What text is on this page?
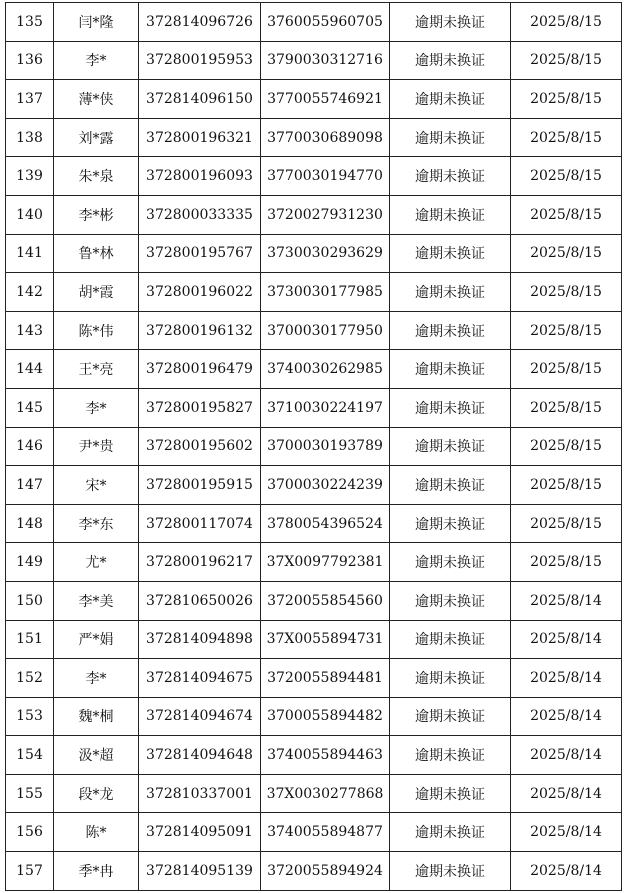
135	闫*隆	372814096726	3760055960705	逾期未换证	2025/8/15
136	李*	372800195953	3790030312716	逾期未换证	2025/8/15
137	薄*侠	372814096150	3770055746921	逾期未换证	2025/8/15
138	刘*露	372800196321	3770030689098	逾期未换证	2025/8/15
139	朱*泉	372800196093	3770030194770	逾期未换证	2025/8/15
140	李*彬	372800033335	3720027931230	逾期未换证	2025/8/15
141	鲁*林	372800195767	3730030293629	逾期未换证	2025/8/15
142	胡*霞	372800196022	3730030177985	逾期未换证	2025/8/15
143	陈*伟	372800196132	3700030177950	逾期未换证	2025/8/15
144	王*亮	372800196479	3740030262985	逾期未换证	2025/8/15
145	李*	372800195827	3710030224197	逾期未换证	2025/8/15
146	尹*贵	372800195602	3700030193789	逾期未换证	2025/8/15
147	宋*	372800195915	3700030224239	逾期未换证	2025/8/15
148	李*东	372800117074	3780054396524	逾期未换证	2025/8/15
149	尤*	372800196217	37X0097792381	逾期未换证	2025/8/15
150	李*美	372810650026	3720055854560	逾期未换证	2025/8/14
151	严*娟	372814094898	37X0055894731	逾期未换证	2025/8/14
152	李*	372814094675	3720055894481	逾期未换证	2025/8/14
153	魏*桐	372814094674	3700055894482	逾期未换证	2025/8/14
154	汲*超	372814094648	3740055894463	逾期未换证	2025/8/14
155	段*龙	372810337001	37X0030277868	逾期未换证	2025/8/14
156	陈*	372814095091	3740055894877	逾期未换证	2025/8/14
157	季*冉	372814095139	3720055894924	逾期未换证	2025/8/14
